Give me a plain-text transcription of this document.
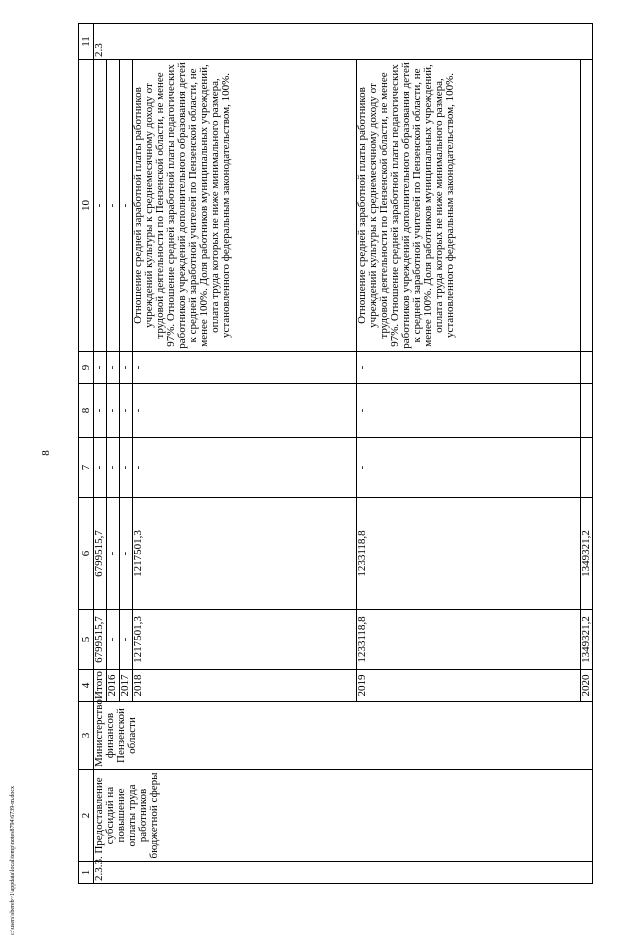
8
c:\users\sbereb~1\appdata\local\temp\notes8794\6739-m.docx	1	2	3	4	5	6	7	8	9	10	11
2.3.3.	Предоставление субсидий на повышение оплаты труда работников бюджетной сферы	Министерство финансов Пензенской области	Итого	6799515,7	6799515,7	-	-	-	-	2.3
			2016	-	-	-	-	-	-	
			2017	-	-	-	-	-	-	
			2018	1217501,3	1217501,3	-	-	-	Отношение средней заработной платы работников учреждений культуры к среднемесячному доходу от трудовой деятельности по Пензенской области, не менее 97%. Отношение средней заработной платы педагогических работников учреждений дополнительного образования детей к средней заработной учителей по Пензенской области, не менее 100%. Доля работников муниципальных учреждений, оплата труда которых не ниже минимального размера, установленного федеральным законодательством, 100%.	
			2019	1233118,8	1233118,8	-	-	-	Отношение средней заработной платы работников учреждений культуры к среднемесячному доходу от трудовой деятельности по Пензенской области, не менее 97%. Отношение средней заработной платы педагогических работников учреждений дополнительного образования детей к средней заработной учителей по Пензенской области, не менее 100%. Доля работников муниципальных учреждений, оплата труда которых не ниже минимального размера, установленного федеральным законодательством, 100%.	
			2020	1349321,2	1349321,2					
